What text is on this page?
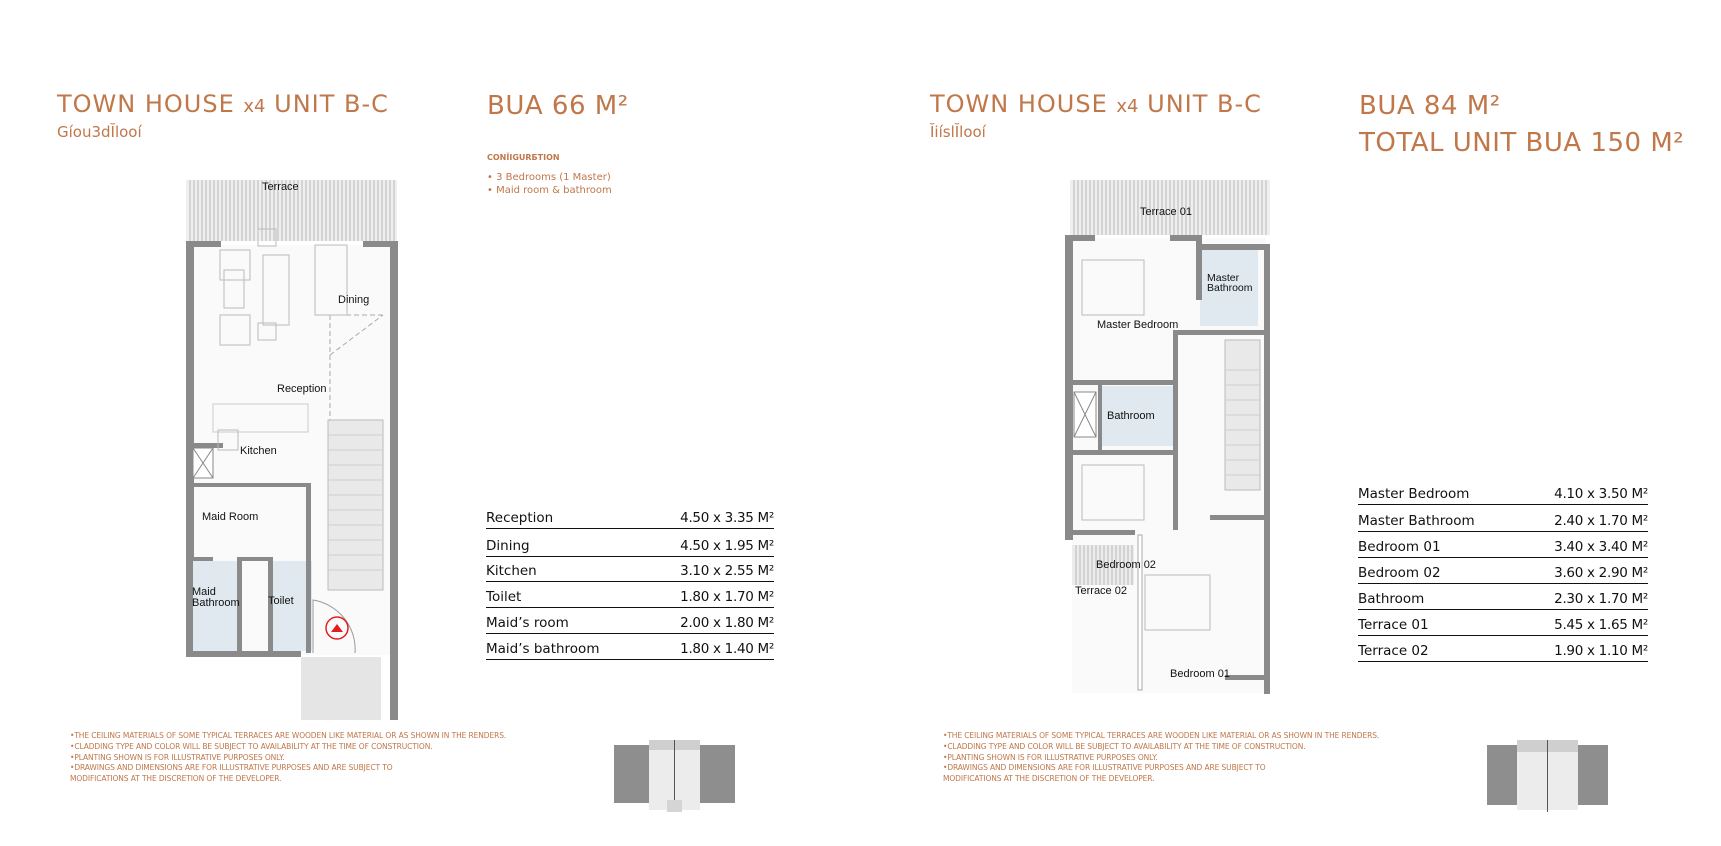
TOWN HOUSE x4 UNIT B-C
Gíou3dĬlooí
BUA 66 M²
CONĬIGURБTION
• 3 Bedrooms (1 Master)
• Maid room & bathroom
Terrace
Dining
Reception
Kitchen
Maid Room
Maid
Bathroom	Toilet
Reception	4.50 x 3.35 M²
Dining	4.50 x 1.95 M²
Kitchen	3.10 x 2.55 M²
Toilet	1.80 x 1.70 M²
Maid’s room	2.00 x 1.80 M²
Maid’s bathroom	1.80 x 1.40 M²
•THE CEILING MATERIALS OF SOME TYPICAL TERRACES ARE WOODEN LIKE MATERIAL OR AS SHOWN IN THE RENDERS.
•CLADDING TYPE AND COLOR WILL BE SUBJECT TO AVAILABILITY AT THE TIME OF CONSTRUCTION.
•PLANTING SHOWN IS FOR ILLUSTRATIVE PURPOSES ONLY.
•DRAWINGS AND DIMENSIONS ARE FOR ILLUSTRATIVE PURPOSES AND ARE SUBJECT TO
MODIFICATIONS AT THE DISCRETION OF THE DEVELOPER.
TOWN HOUSE x4 UNIT B-C
ĬiíslĬlooí
BUA 84 M²
TOTAL UNIT BUA 150 M²
Terrace 01
Master
Bathroom
Master Bedroom
Bathroom
Bedroom 02
Terrace 02
Bedroom 01
Master Bedroom	4.10 x 3.50 M²
Master Bathroom	2.40 x 1.70 M²
Bedroom 01	3.40 x 3.40 M²
Bedroom 02	3.60 x 2.90 M²
Bathroom	2.30 x 1.70 M²
Terrace 01	5.45 x 1.65 M²
Terrace 02	1.90 x 1.10 M²
•THE CEILING MATERIALS OF SOME TYPICAL TERRACES ARE WOODEN LIKE MATERIAL OR AS SHOWN IN THE RENDERS.
•CLADDING TYPE AND COLOR WILL BE SUBJECT TO AVAILABILITY AT THE TIME OF CONSTRUCTION.
•PLANTING SHOWN IS FOR ILLUSTRATIVE PURPOSES ONLY.
•DRAWINGS AND DIMENSIONS ARE FOR ILLUSTRATIVE PURPOSES AND ARE SUBJECT TO
MODIFICATIONS AT THE DISCRETION OF THE DEVELOPER.
